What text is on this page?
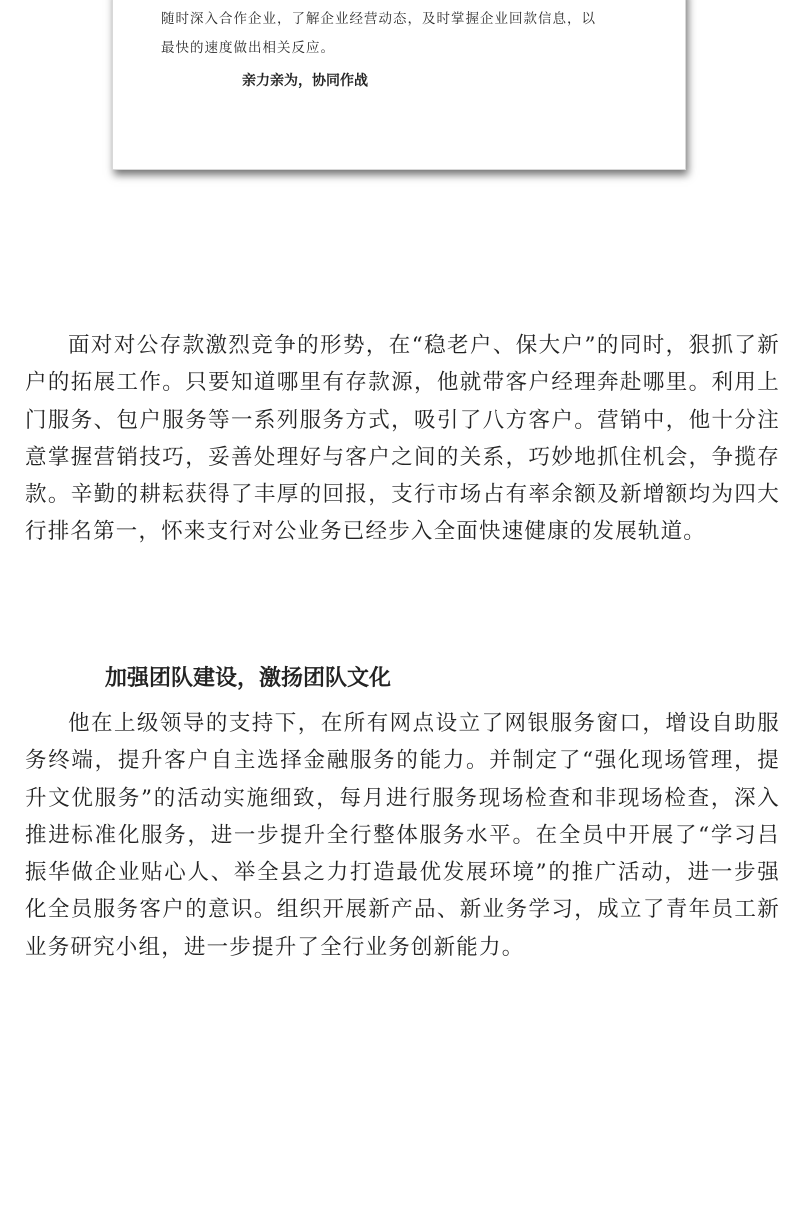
随时深入合作企业，了解企业经营动态，及时掌握企业回款信息，以
最快的速度做出相关反应。
亲力亲为，协同作战

面对对公存款激烈竞争的形势，在“稳老户、保大户”的同时，狠抓了新户的拓展工作。只要知道哪里有存款源，他就带客户经理奔赴哪里。利用上门服务、包户服务等一系列服务方式，吸引了八方客户。营销中，他十分注意掌握营销技巧，妥善处理好与客户之间的关系，巧妙地抓住机会，争揽存款。辛勤的耕耘获得了丰厚的回报，支行市场占有率余额及新增额均为四大行排名第一，怀来支行对公业务已经步入全面快速健康的发展轨道。

加强团队建设，激扬团队文化

他在上级领导的支持下，在所有网点设立了网银服务窗口，增设自助服务终端，提升客户自主选择金融服务的能力。并制定了“强化现场管理，提升文优服务”的活动实施细致，每月进行服务现场检查和非现场检查，深入推进标准化服务，进一步提升全行整体服务水平。在全员中开展了“学习吕振华做企业贴心人、举全县之力打造最优发展环境”的推广活动，进一步强化全员服务客户的意识。组织开展新产品、新业务学习，成立了青年员工新业务研究小组，进一步提升了全行业务创新能力。
